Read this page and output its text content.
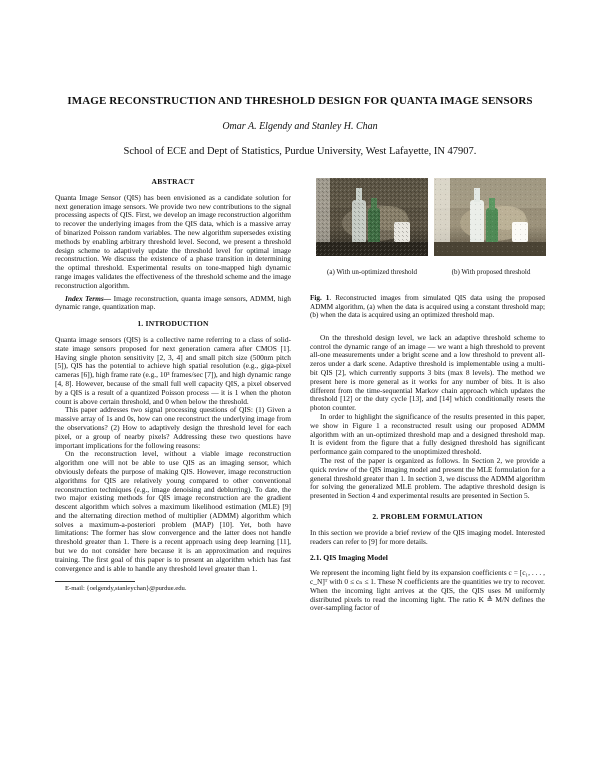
IMAGE RECONSTRUCTION AND THRESHOLD DESIGN FOR QUANTA IMAGE SENSORS
Omar A. Elgendy and Stanley H. Chan
School of ECE and Dept of Statistics, Purdue University, West Lafayette, IN 47907.
ABSTRACT

Quanta Image Sensor (QIS) has been envisioned as a candidate solution for next generation image sensors. We provide two new contributions to the signal processing aspects of QIS. First, we develop an image reconstruction algorithm to recover the underlying images from the QIS data, which is a massive array of binarized Poisson random variables. The new algorithm supersedes existing methods by enabling arbitrary threshold level. Second, we present a threshold design scheme to adaptively update the threshold level for optimal image reconstruction. We discuss the existence of a phase transition in determining the optimal threshold. Experimental results on tone-mapped high dynamic range images validates the effectiveness of the threshold scheme and the image reconstruction algorithm.

Index Terms— Image reconstruction, quanta image sensors, ADMM, high dynamic range, quantization map.

1. INTRODUCTION

Quanta image sensors (QIS) is a collective name referring to a class of solid-state image sensors proposed for next generation camera after CMOS [1]. Having single photon sensitivity [2, 3, 4] and small pitch size (500nm pitch [5]), QIS has the potential to achieve high spatial resolution (e.g., giga-pixel cameras [6]), high frame rate (e.g., 10³ frames/sec [7]), and high dynamic range [4, 8]. However, because of the small full well capacity QIS, a pixel observed by a QIS is a result of a quantized Poisson process — it is 1 when the photon count is above certain threshold, and 0 when below the threshold.

This paper addresses two signal processing questions of QIS: (1) Given a massive array of 1s and 0s, how can one reconstruct the underlying image from the observations? (2) How to adaptively design the threshold level for each pixel, or a group of nearby pixels? Addressing these two questions have important implications for the following reasons:

On the reconstruction level, without a viable image reconstruction algorithm one will not be able to use QIS as an imaging sensor, which obviously defeats the purpose of making QIS. However, image reconstruction algorithms for QIS are relatively young compared to other conventional reconstruction techniques (e.g., image denoising and deblurring). To date, the two major existing methods for QIS image reconstruction are the gradient descent algorithm which solves a maximum likelihood estimation (MLE) [9] and the alternating direction method of multiplier (ADMM) algorithm which solves a maximum-a-posteriori problem (MAP) [10]. Yet, both have limitations: The former has slow convergence and the latter does not handle threshold greater than 1. There is a recent approach using deep learning [11], but we do not consider here because it is an approximation and requires training. The first goal of this paper is to present an algorithm which has fast convergence and is able to handle any threshold level greater than 1.

E-mail: {oelgendy,stanleychan}@purdue.edu.
(a) With un-optimized threshold	(b) With proposed threshold

Fig. 1. Reconstructed images from simulated QIS data using the proposed ADMM algorithm, (a) when the data is acquired using a constant threshold map; (b) when the data is acquired using an optimized threshold map.

On the threshold design level, we lack an adaptive threshold scheme to control the dynamic range of an image — we want a high threshold to prevent all-one measurements under a bright scene and a low threshold to prevent all-zeros under a dark scene. Adaptive threshold is implementable using a multi-bit QIS [2], which currently supports 3 bits (max 8 levels). The method we present here is more general as it works for any number of bits. It is also different from the time-sequential Markov chain approach which updates the threshold [12] or the duty cycle [13], and [14] which conditionally resets the photon counter.

In order to highlight the significance of the results presented in this paper, we show in Figure 1 a reconstructed result using our proposed ADMM algorithm with an un-optimized threshold map and a designed threshold map. It is evident from the figure that a fully designed threshold has significant performance gain compared to the unoptimized threshold.

The rest of the paper is organized as follows. In Section 2, we provide a quick review of the QIS imaging model and present the MLE formulation for a general threshold greater than 1. In section 3, we discuss the ADMM algorithm for solving the generalized MLE problem. The adaptive threshold design is presented in Section 4 and experimental results are presented in Section 5.

2. PROBLEM FORMULATION

In this section we provide a brief review of the QIS imaging model. Interested readers can refer to [9] for more details.

2.1. QIS Imaging Model

We represent the incoming light field by its expansion coefficients c = [c₁, . . . , c_N]ᵀ with 0 ≤ cₙ ≤ 1. These N coefficients are the quantities we try to recover. When the incoming light arrives at the QIS, the QIS uses M uniformly distributed pixels to read the incoming light. The ratio K ≙ M/N defines the over-sampling factor of
